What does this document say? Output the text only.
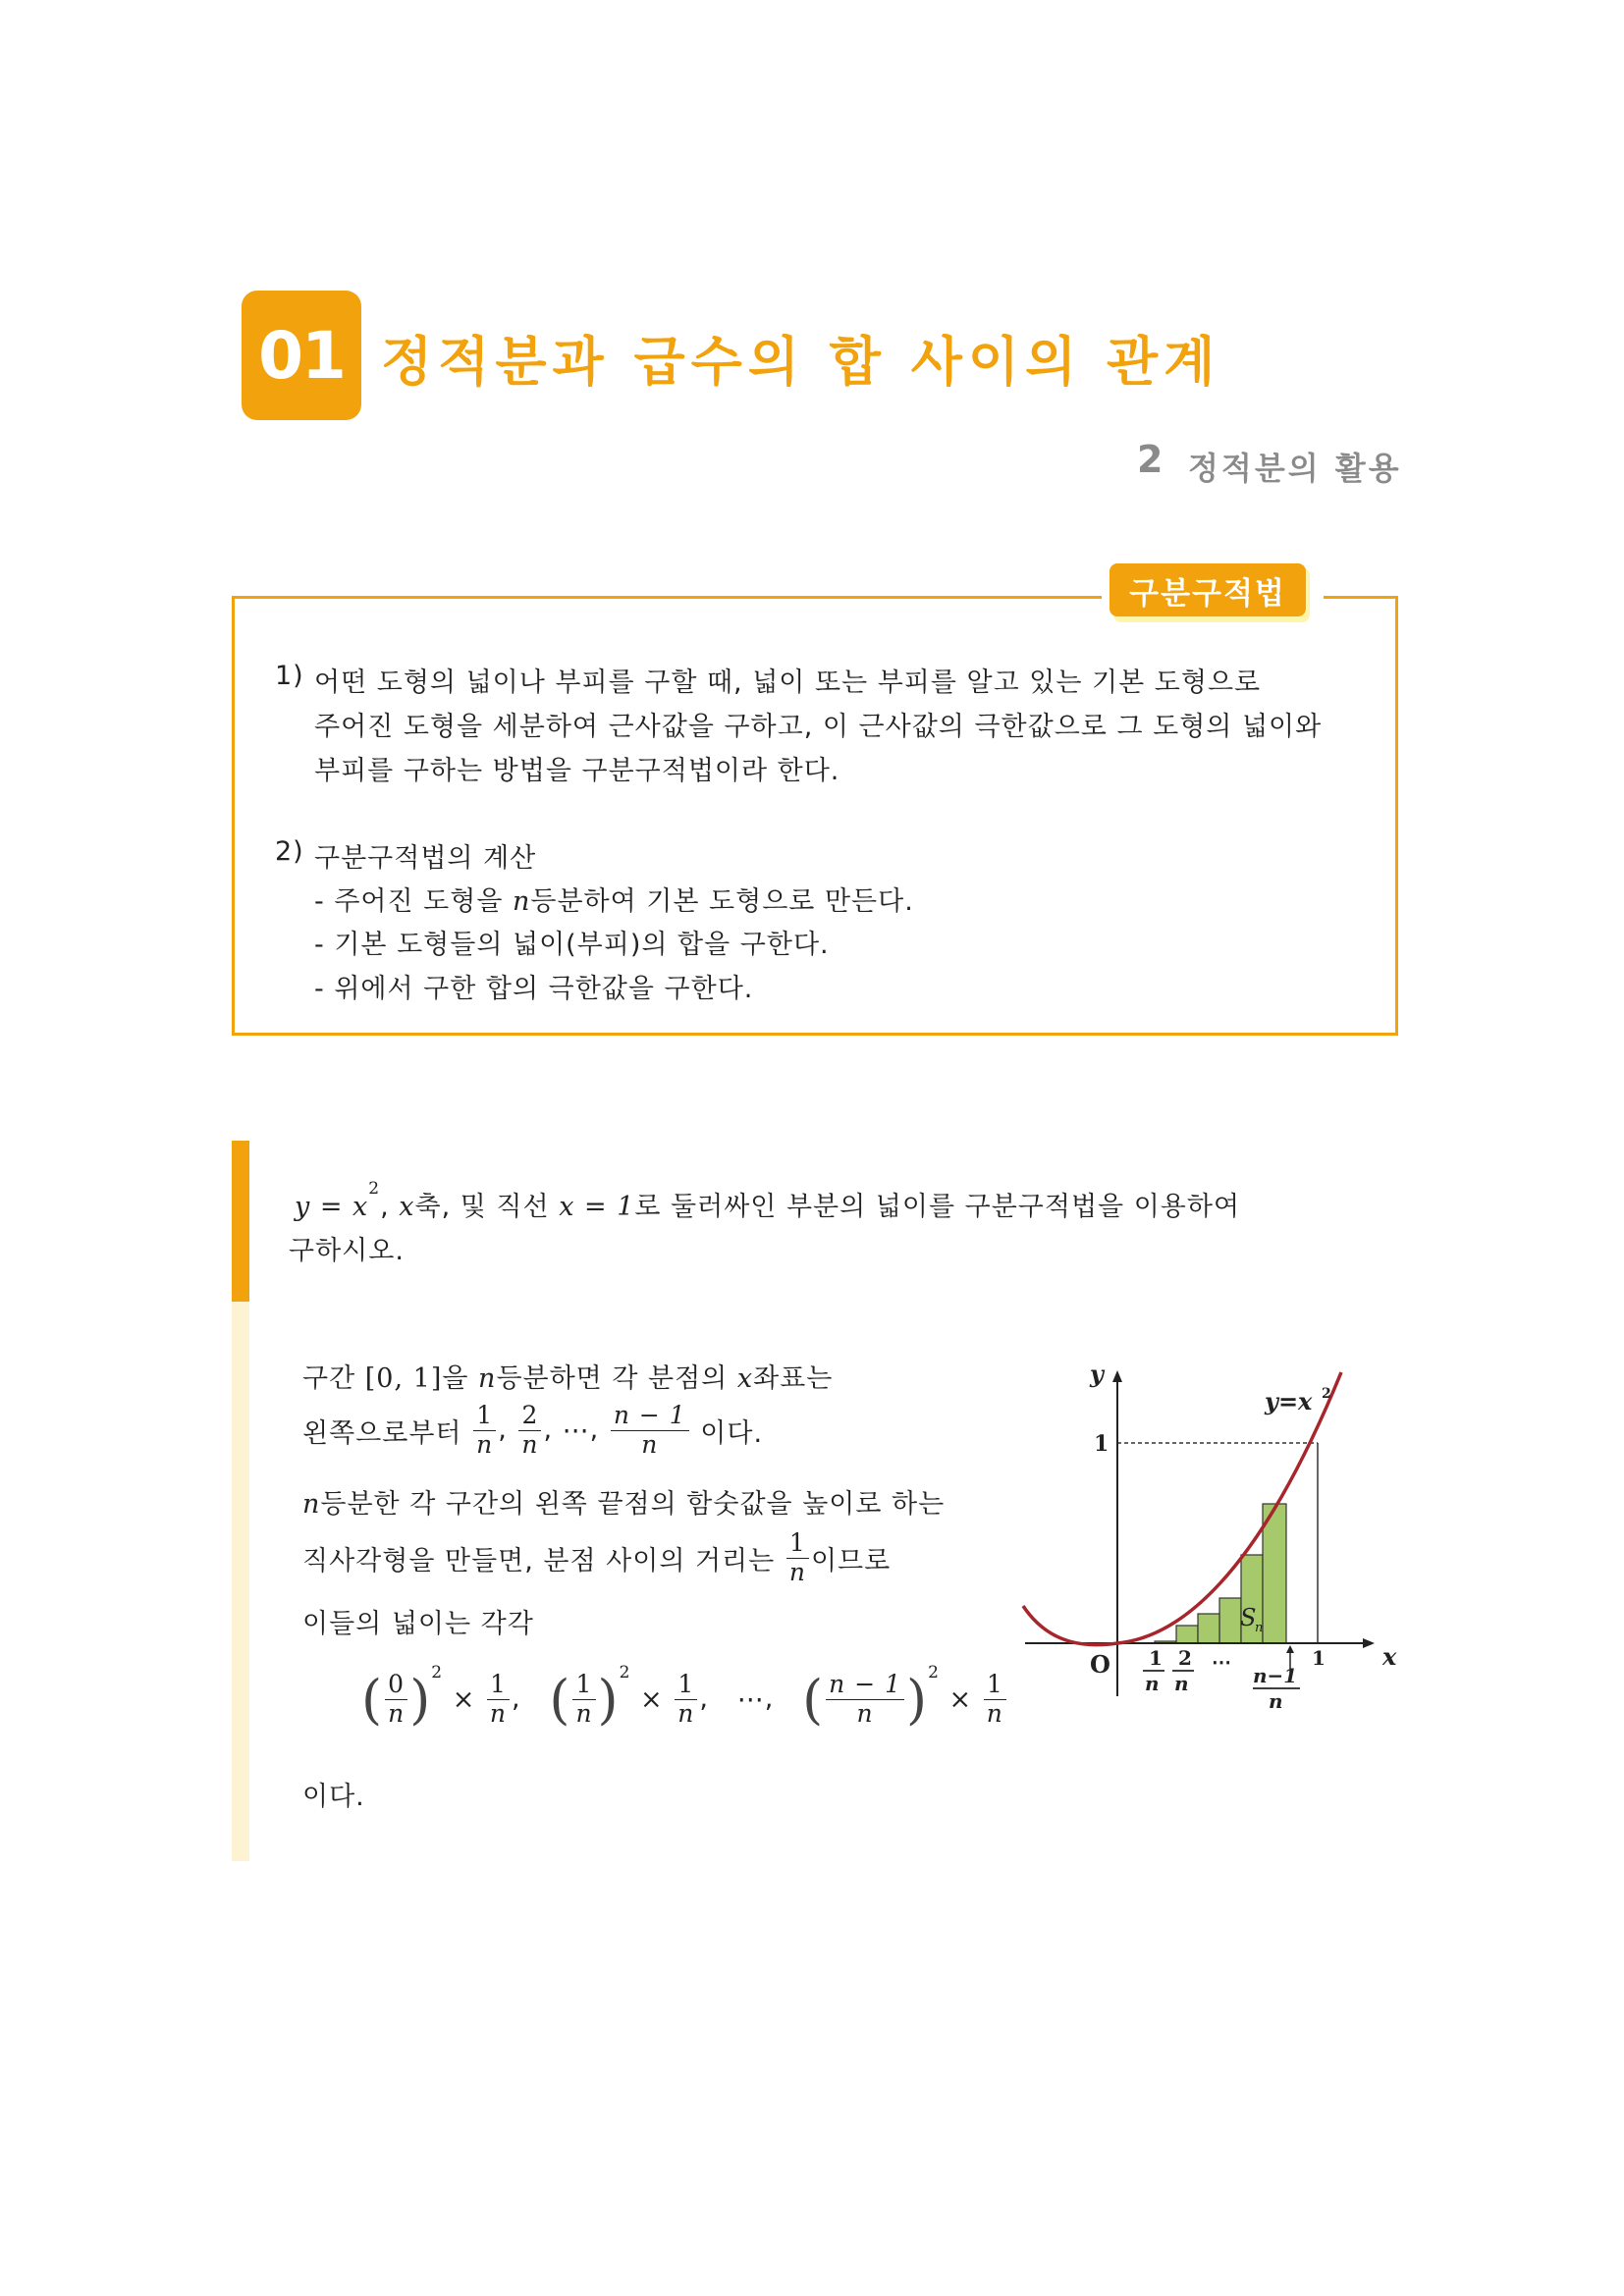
01 정적분과 급수의 합 사이의 관계
2 정적분의 활용
구분구적법
1) 어떤 도형의 넓이나 부피를 구할 때, 넓이 또는 부피를 알고 있는 기본 도형으로
주어진 도형을 세분하여 근사값을 구하고, 이 근사값의 극한값으로 그 도형의 넓이와
부피를 구하는 방법을 구분구적법이라 한다.
2) 구분구적법의 계산
- 주어진 도형을 n등분하여 기본 도형으로 만든다.
- 기본 도형들의 넓이(부피)의 합을 구한다.
- 위에서 구한 합의 극한값을 구한다.
$y = x^2$, x축, 및 직선 x = 1로 둘러싸인 부분의 넓이를 구분구적법을 이용하여
구하시오.
구간 [0, 1]을 n등분하면 각 분점의 x좌표는
왼쪽으로부터 $\frac{1}{n}$ , $\frac{2}{n}$ , ⋯, $\frac{n - 1}{n}$ 이다.
n등분한 각 구간의 왼쪽 끝점의 함숫값을 높이로 하는
직사각형을 만들면, 분점 사이의 거리는 $\frac{1}{n}$ 이므로
이들의 넓이는 각각
( $\frac{0}{n} )^2 \times \frac{1}{n}$ ,   ( $\frac{1}{n} )^2 \times \frac{1}{n}$ ,   ⋯,   ( $\frac{n - 1}{n} )^2 \times \frac{1}{n}$
이다.
y
x
y=x 2
1
O
S
n
1
n
2
n
⋯
n−1
n
1
